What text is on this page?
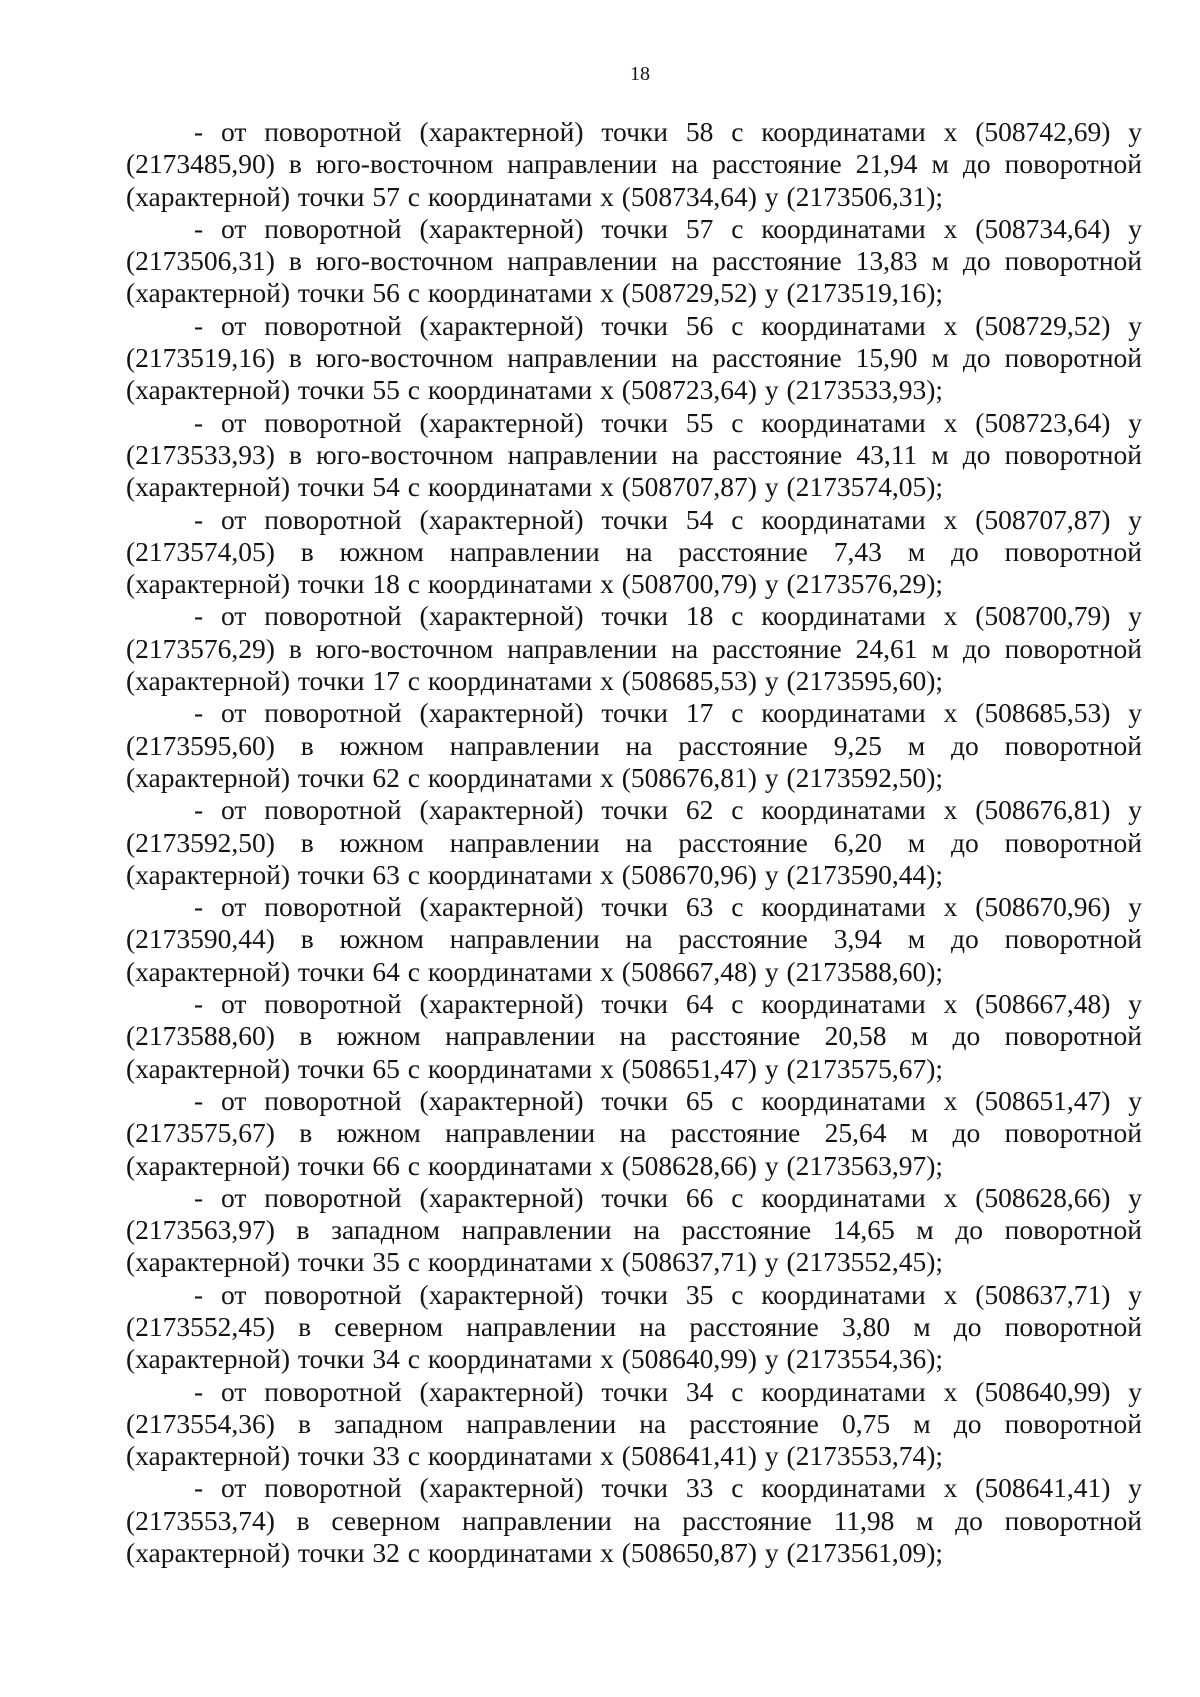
18

- от поворотной (характерной) точки 58 с координатами x (508742,69) y (2173485,90) в юго-восточном направлении на расстояние 21,94 м до поворотной (характерной) точки 57 с координатами x (508734,64) y (2173506,31);

- от поворотной (характерной) точки 57 с координатами x (508734,64) y (2173506,31) в юго-восточном направлении на расстояние 13,83 м до поворотной (характерной) точки 56 с координатами x (508729,52) y (2173519,16);

- от поворотной (характерной) точки 56 с координатами x (508729,52) y (2173519,16) в юго-восточном направлении на расстояние 15,90 м до поворотной (характерной) точки 55 с координатами x (508723,64) y (2173533,93);

- от поворотной (характерной) точки 55 с координатами x (508723,64) y (2173533,93) в юго-восточном направлении на расстояние 43,11 м до поворотной (характерной) точки 54 с координатами x (508707,87) y (2173574,05);

- от поворотной (характерной) точки 54 с координатами x (508707,87) y (2173574,05) в южном направлении на расстояние 7,43 м до поворотной (характерной) точки 18 с координатами x (508700,79) y (2173576,29);

- от поворотной (характерной) точки 18 с координатами x (508700,79) y (2173576,29) в юго-восточном направлении на расстояние 24,61 м до поворотной (характерной) точки 17 с координатами x (508685,53) y (2173595,60);

- от поворотной (характерной) точки 17 с координатами x (508685,53) y (2173595,60) в южном направлении на расстояние 9,25 м до поворотной (характерной) точки 62 с координатами x (508676,81) y (2173592,50);

- от поворотной (характерной) точки 62 с координатами x (508676,81) y (2173592,50) в южном направлении на расстояние 6,20 м до поворотной (характерной) точки 63 с координатами x (508670,96) y (2173590,44);

- от поворотной (характерной) точки 63 с координатами x (508670,96) y (2173590,44) в южном направлении на расстояние 3,94 м до поворотной (характерной) точки 64 с координатами x (508667,48) y (2173588,60);

- от поворотной (характерной) точки 64 с координатами x (508667,48) y (2173588,60) в южном направлении на расстояние 20,58 м до поворотной (характерной) точки 65 с координатами x (508651,47) y (2173575,67);

- от поворотной (характерной) точки 65 с координатами x (508651,47) y (2173575,67) в южном направлении на расстояние 25,64 м до поворотной (характерной) точки 66 с координатами x (508628,66) y (2173563,97);

- от поворотной (характерной) точки 66 с координатами x (508628,66) y (2173563,97) в западном направлении на расстояние 14,65 м до поворотной (характерной) точки 35 с координатами x (508637,71) y (2173552,45);

- от поворотной (характерной) точки 35 с координатами x (508637,71) y (2173552,45) в северном направлении на расстояние 3,80 м до поворотной (характерной) точки 34 с координатами x (508640,99) y (2173554,36);

- от поворотной (характерной) точки 34 с координатами x (508640,99) y (2173554,36) в западном направлении на расстояние 0,75 м до поворотной (характерной) точки 33 с координатами x (508641,41) y (2173553,74);

- от поворотной (характерной) точки 33 с координатами x (508641,41) y (2173553,74) в северном направлении на расстояние 11,98 м до поворотной (характерной) точки 32 с координатами x (508650,87) y (2173561,09);
